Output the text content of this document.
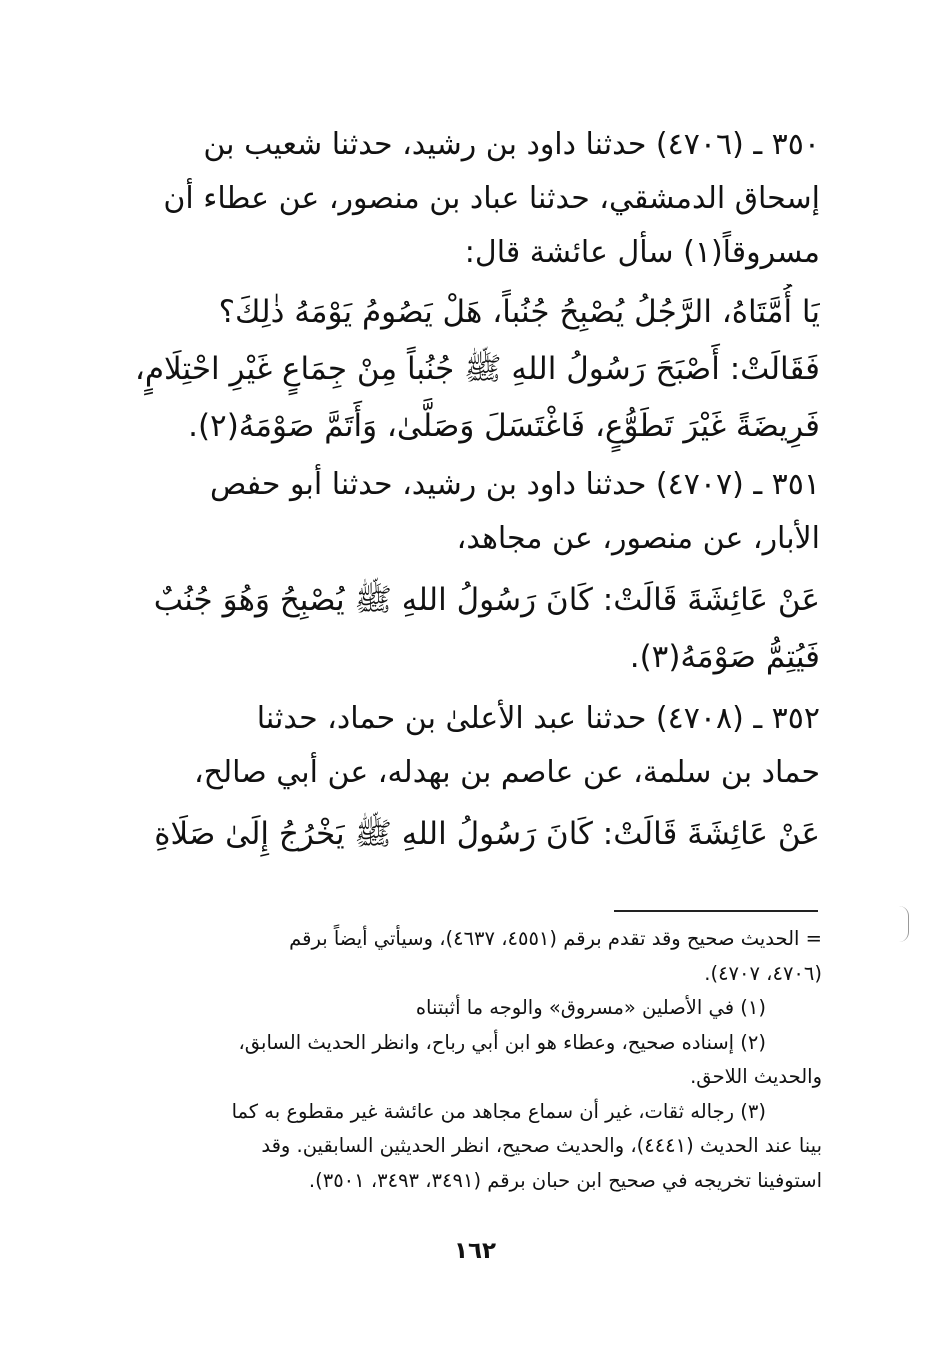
٣٥٠ ـ (٤٧٠٦) حدثنا داود بن رشيد، حدثنا شعيب بن
إسحاق الدمشقي، حدثنا عباد بن منصور، عن عطاء أن
مسروقاً(١) سأل عائشة قال:
يَا أُمَّتَاهُ، الرَّجُلُ يُصْبِحُ جُنُباً، هَلْ يَصُومُ يَوْمَهُ ذٰلِكَ؟
فَقَالَتْ: أَصْبَحَ رَسُولُ اللهِ ﷺ جُنُباً مِنْ جِمَاعٍ غَيْرِ احْتِلَامٍ،
فَرِيضَةً غَيْرَ تَطَوُّعٍ، فَاغْتَسَلَ وَصَلَّىٰ، وَأَتَمَّ صَوْمَهُ(٢).
٣٥١ ـ (٤٧٠٧) حدثنا داود بن رشيد، حدثنا أبو حفص
الأبار، عن منصور، عن مجاهد،
عَنْ عَائِشَةَ قَالَتْ: كَانَ رَسُولُ اللهِ ﷺ يُصْبِحُ وَهُوَ جُنُبٌ
فَيُتِمُّ صَوْمَهُ(٣).
٣٥٢ ـ (٤٧٠٨) حدثنا عبد الأعلىٰ بن حماد، حدثنا
حماد بن سلمة، عن عاصم بن بهدله، عن أبي صالح،
عَنْ عَائِشَةَ قَالَتْ: كَانَ رَسُولُ اللهِ ﷺ يَخْرُجُ إِلَىٰ صَلَاةِ
= الحديث صحيح وقد تقدم برقم (٤٥٥١، ٤٦٣٧)، وسيأتي أيضاً برقم
(٤٧٠٦، ٤٧٠٧).
(١) في الأصلين «مسروق» والوجه ما أثبتناه
(٢) إسناده صحيح، وعطاء هو ابن أبي رباح، وانظر الحديث السابق،
والحديث اللاحق.
(٣) رجاله ثقات، غير أن سماع مجاهد من عائشة غير مقطوع به كما
بينا عند الحديث (٤٤٤١)، والحديث صحيح، انظر الحديثين السابقين. وقد
استوفينا تخريجه في صحيح ابن حبان برقم (٣٤٩١، ٣٤٩٣، ٣٥٠١).
١٦٢
